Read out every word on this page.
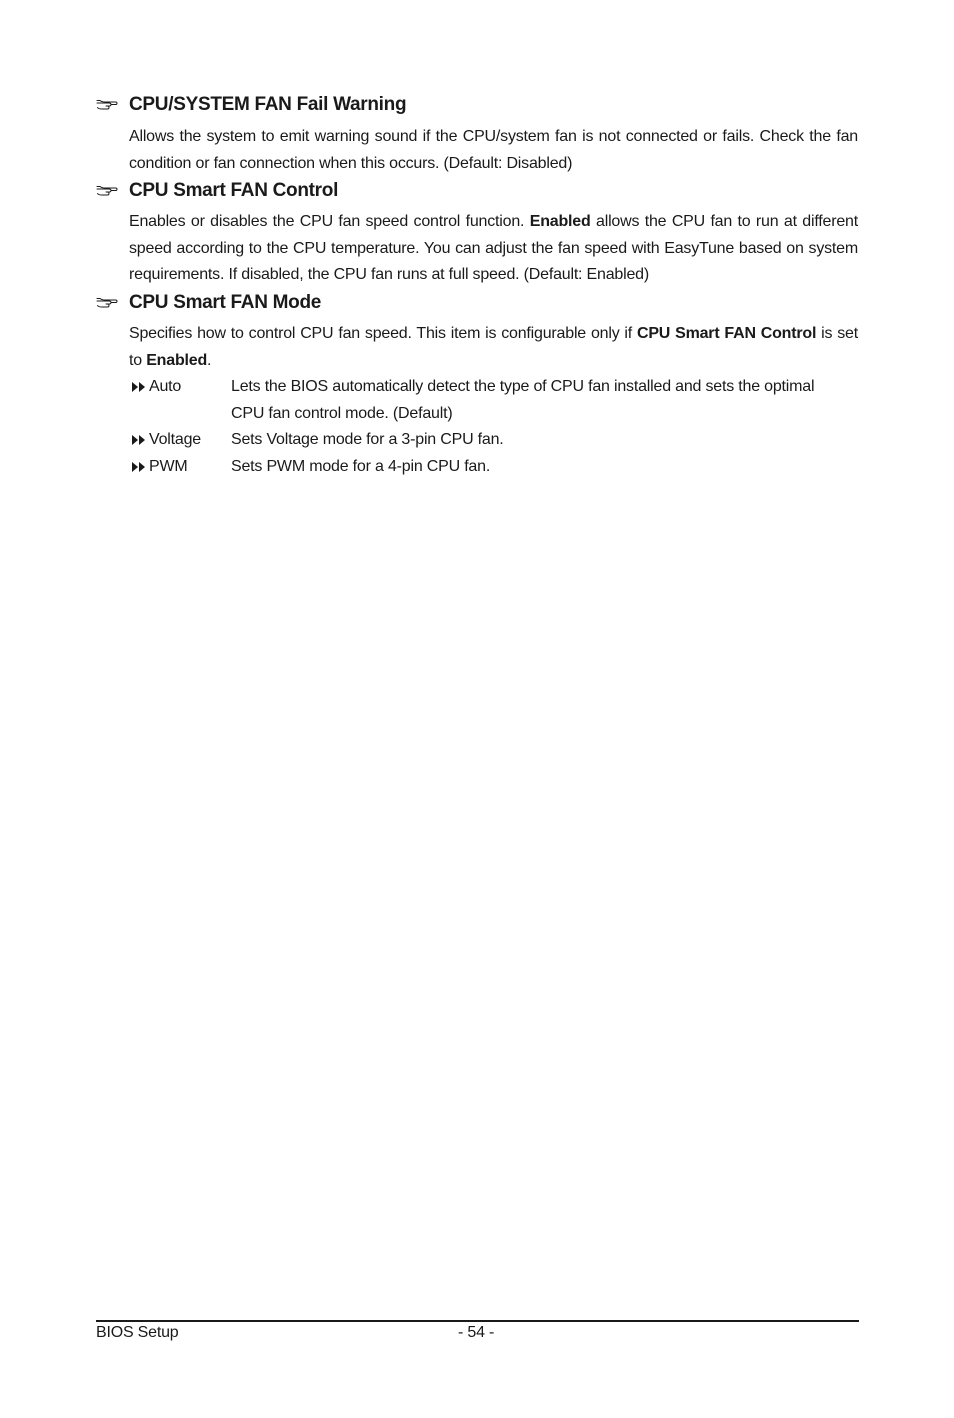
CPU/SYSTEM FAN Fail Warning

Allows the system to emit warning sound if the CPU/system fan is not connected or fails. Check the fan condition or fan connection when this occurs. (Default: Disabled)

CPU Smart FAN Control

Enables or disables the CPU fan speed control function. Enabled allows the CPU fan to run at different speed according to the CPU temperature. You can adjust the fan speed with EasyTune based on system requirements. If disabled, the CPU fan runs at full speed. (Default: Enabled)

CPU Smart FAN Mode

Specifies how to control CPU fan speed. This item is configurable only if CPU Smart FAN Control is set to Enabled.

Auto	Lets the BIOS automatically detect the type of CPU fan installed and sets the optimal CPU fan control mode. (Default)
Voltage Sets Voltage mode for a 3-pin CPU fan.
PWM	Sets PWM mode for a 4-pin CPU fan.
BIOS Setup	- 54 -
